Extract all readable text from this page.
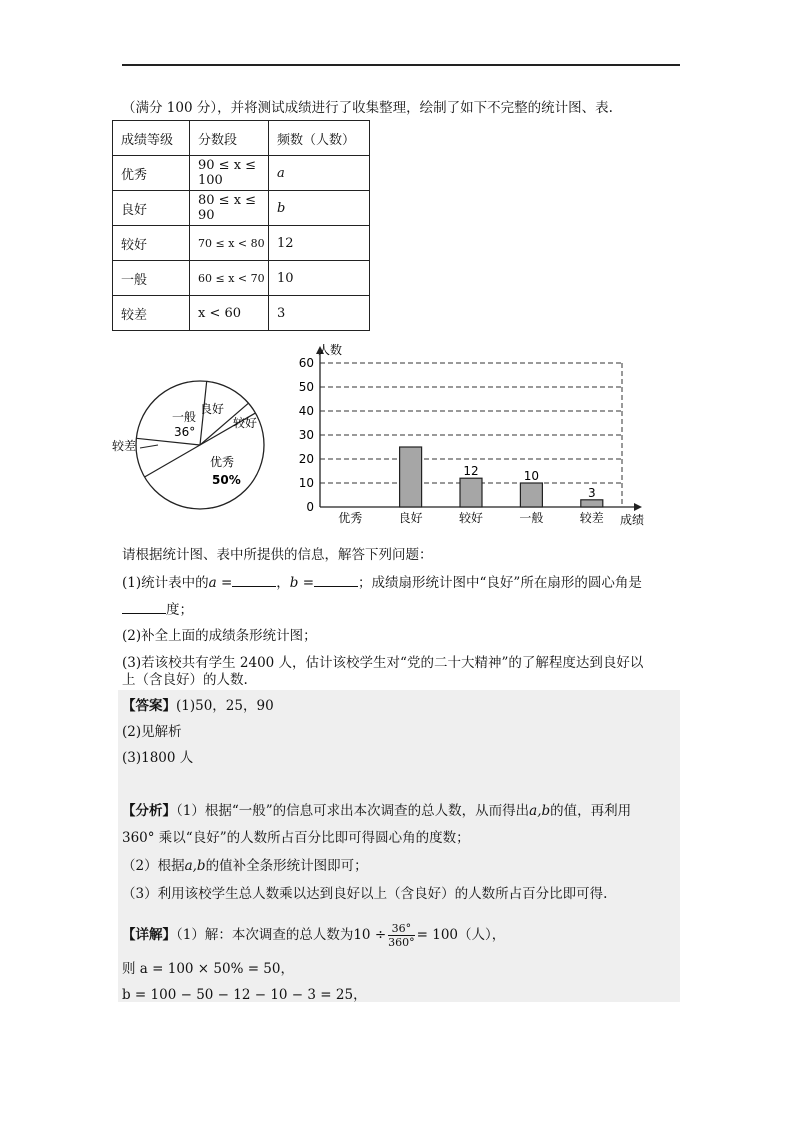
（满分 100 分），并将测试成绩进行了收集整理，绘制了如下不完整的统计图、表.
成绩等级	分数段	频数（人数）
优秀	90 ≤ x ≤ 100	a
良好	80 ≤ x ≤ 90	b
较好	70 ≤ x < 80	12
一般	60 ≤ x < 70	10
较差	x < 60	3
一般
36°
良好
较好
较差
优秀
50%
12	10
3
0
10
20
30
40
50
60
优秀	良好	较好	一般	较差
人数
成绩
请根据统计图、表中所提供的信息，解答下列问题：
(1)统计表中的a =	，b =	；成绩扇形统计图中“良好”所在扇形的圆心角是
度；
(2)补全上面的成绩条形统计图；
(3)若该校共有学生 2400 人，估计该校学生对“党的二十大精神”的了解程度达到良好以
上（含良好）的人数.
【答案】(1)50，25，90
(2)见解析
(3)1800 人
【分析】（1）根据“一般”的信息可求出本次调查的总人数，从而得出a,b的值，再利用
360° 乘以“良好”的人数所占百分比即可得圆心角的度数；
（2）根据a,b的值补全条形统计图即可；
（3）利用该校学生总人数乘以达到良好以上（含良好）的人数所占百分比即可得.
【详解】（1）解：本次调查的总人数为$10 \div \frac{36^\circ}{360^\circ} = 100$（人），
则 a = 100 × 50% = 50，
b = 100 − 50 − 12 − 10 − 3 = 25，
